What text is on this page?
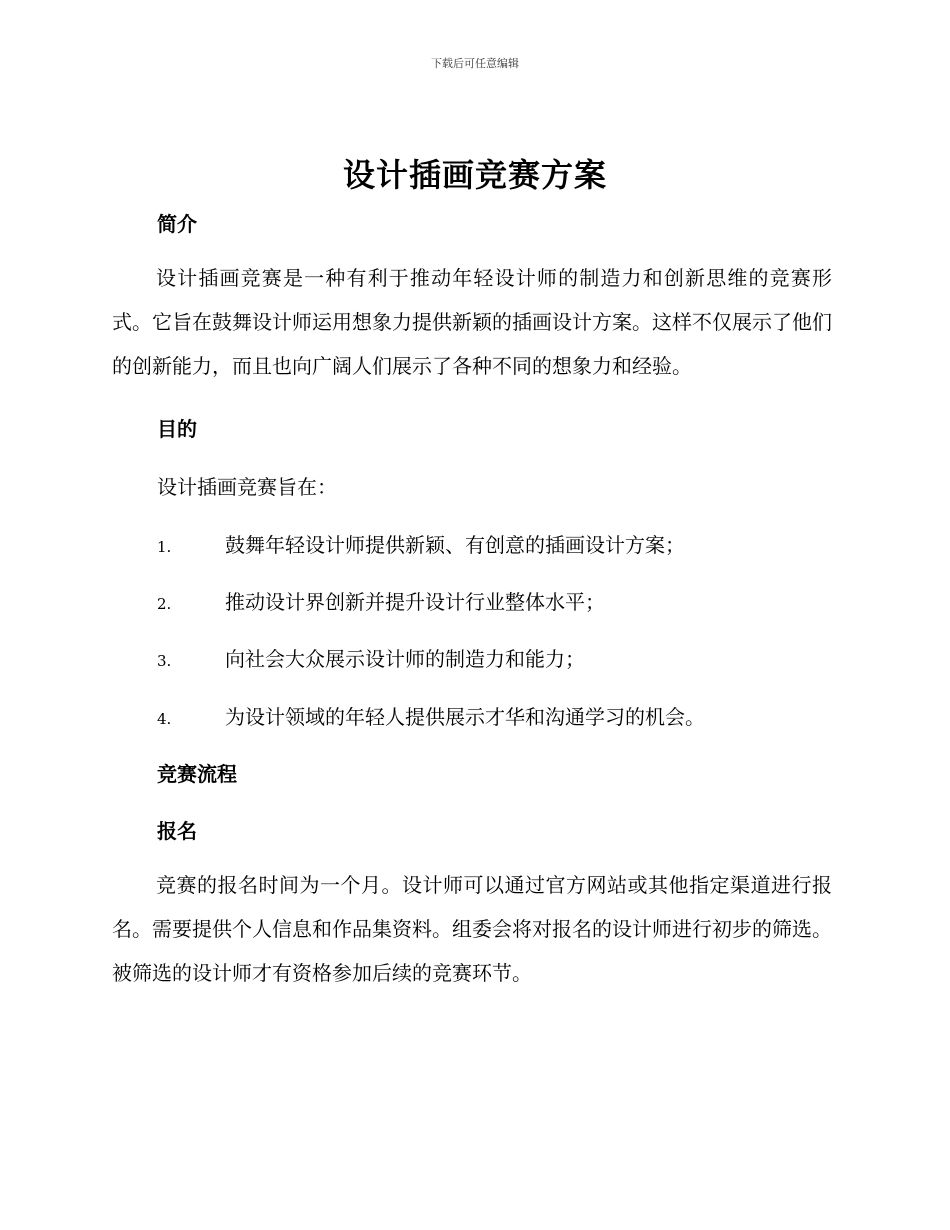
下载后可任意编辑
设计插画竞赛方案
简介
设计插画竞赛是一种有利于推动年轻设计师的制造力和创新思维的竞赛形式。它旨在鼓舞设计师运用想象力提供新颖的插画设计方案。这样不仅展示了他们的创新能力，而且也向广阔人们展示了各种不同的想象力和经验。
目的
设计插画竞赛旨在：
1.	鼓舞年轻设计师提供新颖、有创意的插画设计方案；
2.	推动设计界创新并提升设计行业整体水平；
3.	向社会大众展示设计师的制造力和能力；
4.	为设计领域的年轻人提供展示才华和沟通学习的机会。
竞赛流程
报名
竞赛的报名时间为一个月。设计师可以通过官方网站或其他指定渠道进行报名。需要提供个人信息和作品集资料。组委会将对报名的设计师进行初步的筛选。被筛选的设计师才有资格参加后续的竞赛环节。
